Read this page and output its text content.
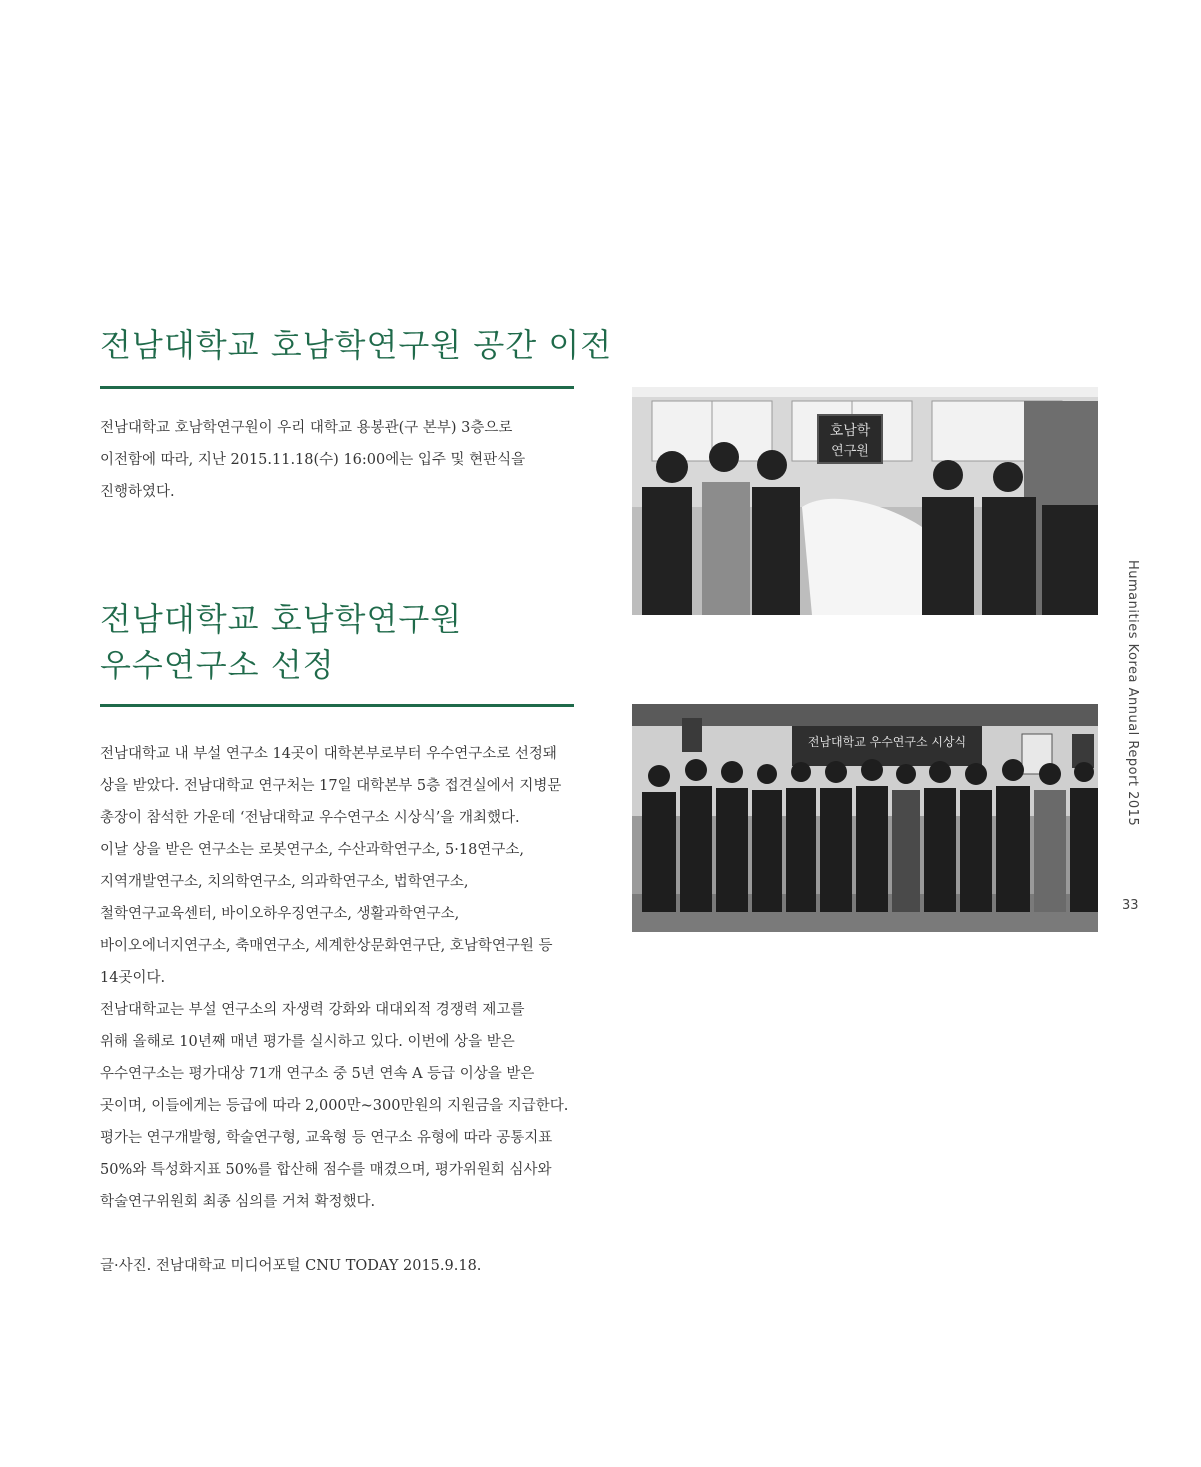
전남대학교 호남학연구원 공간 이전
전남대학교 호남학연구원이 우리 대학교 용봉관(구 본부) 3층으로
이전함에 따라, 지난 2015.11.18(수) 16:00에는 입주 및 현판식을
진행하였다.
호남학
연구원
전남대학교 호남학연구원
우수연구소 선정
전남대학교 우수연구소 시상식
전남대학교 내 부설 연구소 14곳이 대학본부로부터 우수연구소로 선정돼
상을 받았다. 전남대학교 연구처는 17일 대학본부 5층 접견실에서 지병문
총장이 참석한 가운데 ‘전남대학교 우수연구소 시상식’을 개최했다.
이날 상을 받은 연구소는 로봇연구소, 수산과학연구소, 5·18연구소,
지역개발연구소, 치의학연구소, 의과학연구소, 법학연구소,
철학연구교육센터, 바이오하우징연구소, 생활과학연구소,
바이오에너지연구소, 축매연구소, 세계한상문화연구단, 호남학연구원 등
14곳이다.
전남대학교는 부설 연구소의 자생력 강화와 대대외적 경쟁력 제고를
위해 올해로 10년째 매년 평가를 실시하고 있다. 이번에 상을 받은
우수연구소는 평가대상 71개 연구소 중 5년 연속 A 등급 이상을 받은
곳이며, 이들에게는 등급에 따라 2,000만~300만원의 지원금을 지급한다.
평가는 연구개발형, 학술연구형, 교육형 등 연구소 유형에 따라 공통지표
50%와 특성화지표 50%를 합산해 점수를 매겼으며, 평가위원회 심사와
학술연구위원회 최종 심의를 거쳐 확정했다.
글·사진. 전남대학교 미디어포털 CNU TODAY 2015.9.18.
Humanities Korea Annual Report 2015
33
